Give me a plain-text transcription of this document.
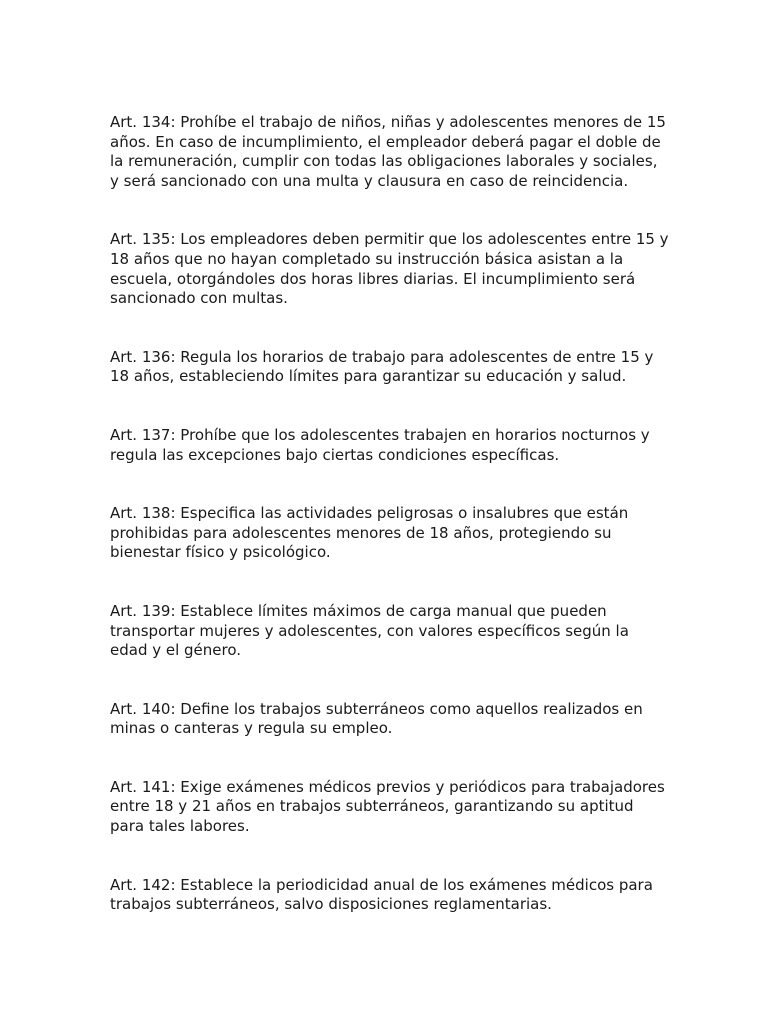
Art. 134: Prohíbe el trabajo de niños, niñas y adolescentes menores de 15 años. En caso de incumplimiento, el empleador deberá pagar el doble de la remuneración, cumplir con todas las obligaciones laborales y sociales, y será sancionado con una multa y clausura en caso de reincidencia.

Art. 135: Los empleadores deben permitir que los adolescentes entre 15 y 18 años que no hayan completado su instrucción básica asistan a la escuela, otorgándoles dos horas libres diarias. El incumplimiento será sancionado con multas.

Art. 136: Regula los horarios de trabajo para adolescentes de entre 15 y 18 años, estableciendo límites para garantizar su educación y salud.

Art. 137: Prohíbe que los adolescentes trabajen en horarios nocturnos y regula las excepciones bajo ciertas condiciones específicas.

Art. 138: Especifica las actividades peligrosas o insalubres que están prohibidas para adolescentes menores de 18 años, protegiendo su bienestar físico y psicológico.

Art. 139: Establece límites máximos de carga manual que pueden transportar mujeres y adolescentes, con valores específicos según la edad y el género.

Art. 140: Define los trabajos subterráneos como aquellos realizados en minas o canteras y regula su empleo.

Art. 141: Exige exámenes médicos previos y periódicos para trabajadores entre 18 y 21 años en trabajos subterráneos, garantizando su aptitud para tales labores.

Art. 142: Establece la periodicidad anual de los exámenes médicos para trabajos subterráneos, salvo disposiciones reglamentarias.
